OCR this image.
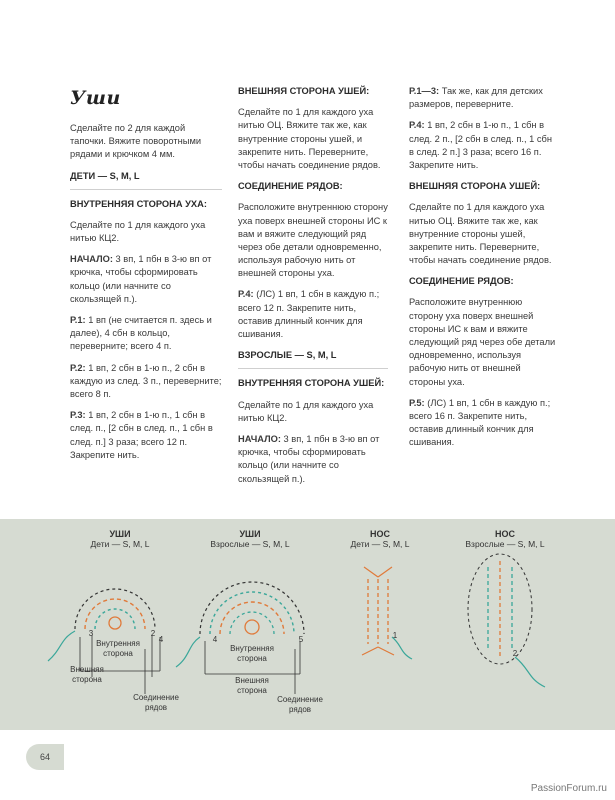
Уши

Сделайте по 2 для каждой тапочки. Вяжите поворотными рядами и крючком 4 мм.

ДЕТИ — S, M, L

ВНУТРЕННЯЯ СТОРОНА УХА:

Сделайте по 1 для каждого уха нитью КЦ2.

НАЧАЛО: 3 вп, 1 пбн в 3-ю вп от крючка, чтобы сформировать кольцо (или начните со скользящей п.).

Р.1: 1 вп (не считается п. здесь и далее), 4 сбн в кольцо, переверните; всего 4 п.

Р.2: 1 вп, 2 сбн в 1-ю п., 2 сбн в каждую из след. 3 п., переверните; всего 8 п.

Р.3: 1 вп, 2 сбн в 1-ю п., 1 сбн в след. п., [2 сбн в след. п., 1 сбн в след. п.] 3 раза; всего 12 п. Закрепите нить.

ВНЕШНЯЯ СТОРОНА УШЕЙ:

Сделайте по 1 для каждого уха нитью ОЦ. Вяжите так же, как внутренние стороны ушей, и закрепите нить. Переверните, чтобы начать соединение рядов.

СОЕДИНЕНИЕ РЯДОВ:

Расположите внутреннюю сторону уха поверх внешней стороны ИС к вам и вяжите следующий ряд через обе детали одновременно, используя рабочую нить от внешней стороны уха.

Р.4: (ЛС) 1 вп, 1 сбн в каждую п.; всего 12 п. Закрепите нить, оставив длинный кончик для сшивания.

ВЗРОСЛЫЕ — S, M, L

ВНУТРЕННЯЯ СТОРОНА УШЕЙ:

Сделайте по 1 для каждого уха нитью КЦ2.

НАЧАЛО: 3 вп, 1 пбн в 3-ю вп от крючка, чтобы сформировать кольцо (или начните со скользящей п.).

Р.1—3: Так же, как для детских размеров, переверните.

Р.4: 1 вп, 2 сбн в 1-ю п., 1 сбн в след. 2 п., [2 сбн в след. п., 1 сбн в след. 2 п.] 3 раза; всего 16 п. Закрепите нить.

ВНЕШНЯЯ СТОРОНА УШЕЙ:

Сделайте по 1 для каждого уха нитью ОЦ. Вяжите так же, как внутренние стороны ушей, закрепите нить. Переверните, чтобы начать соединение рядов.

СОЕДИНЕНИЕ РЯДОВ:

Расположите внутреннюю сторону уха поверх внешней стороны ИС к вам и вяжите следующий ряд через обе детали одновременно, используя рабочую нить от внешней стороны уха.

Р.5: (ЛС) 1 вп, 1 сбн в каждую п.; всего 16 п. Закрепите нить, оставив длинный кончик для сшивания.

УШИ
Дети — S, M, L
УШИ
Взрослые — S, M, L
НОС
Дети — S, M, L
НОС
Взрослые — S, M, L
Внутренняя сторона
Внешняя сторона
Соединение рядов
Внутренняя сторона
Внешняя сторона
Соединение рядов
3	2
4	4	5	1
2
64
PassionForum.ru
